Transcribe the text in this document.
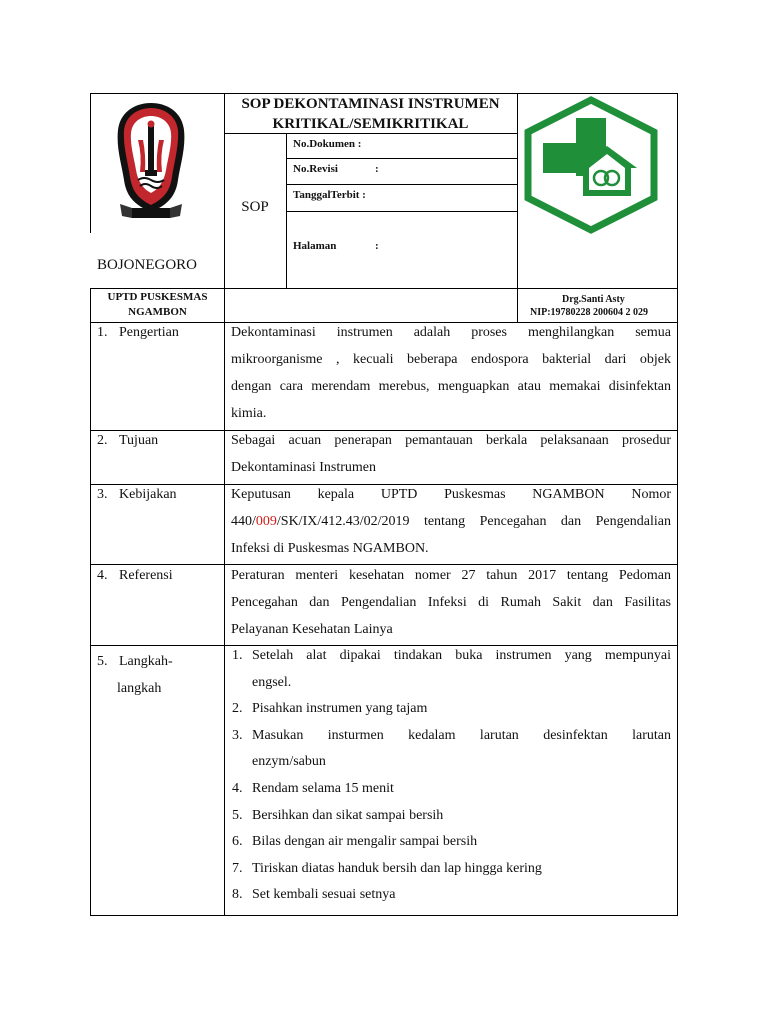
BOJONEGORO
SOP DEKONTAMINASI INSTRUMEN
KRITIKAL/SEMIKRITIKAL
SOP
No.Dokumen :
No.Revisi	:
TanggalTerbit :
Halaman	:
UPTD PUSKESMAS
NGAMBON
Drg.Santi Asty
NIP:19780228 200604 2 029
1. Pengertian	Dekontaminasi instrumen adalah proses menghilangkan semua
mikroorganisme , kecuali beberapa endospora bakterial dari objek
dengan cara merendam merebus, menguapkan atau memakai disinfektan
kimia.
2. Tujuan	Sebagai acuan penerapan pemantauan berkala pelaksanaan prosedur
Dekontaminasi Instrumen
3. Kebijakan	Keputusan kepala UPTD Puskesmas NGAMBON Nomor
440/009/SK/IX/412.43/02/2019 tentang Pencegahan dan Pengendalian
Infeksi di Puskesmas NGAMBON.
4. Referensi	Peraturan menteri kesehatan nomer 27 tahun 2017 tentang Pedoman
Pencegahan dan Pengendalian Infeksi di Rumah Sakit dan Fasilitas
Pelayanan Kesehatan Lainya
5. Langkah-
langkah
1. Setelah alat dipakai tindakan buka instrumen yang mempunyai
engsel.
2. Pisahkan instrumen yang tajam
3. Masukan insturmen kedalam larutan desinfektan larutan
enzym/sabun
4. Rendam selama 15 menit
5. Bersihkan dan sikat sampai bersih
6. Bilas dengan air mengalir sampai bersih
7. Tiriskan diatas handuk bersih dan lap hingga kering
8. Set kembali sesuai setnya
